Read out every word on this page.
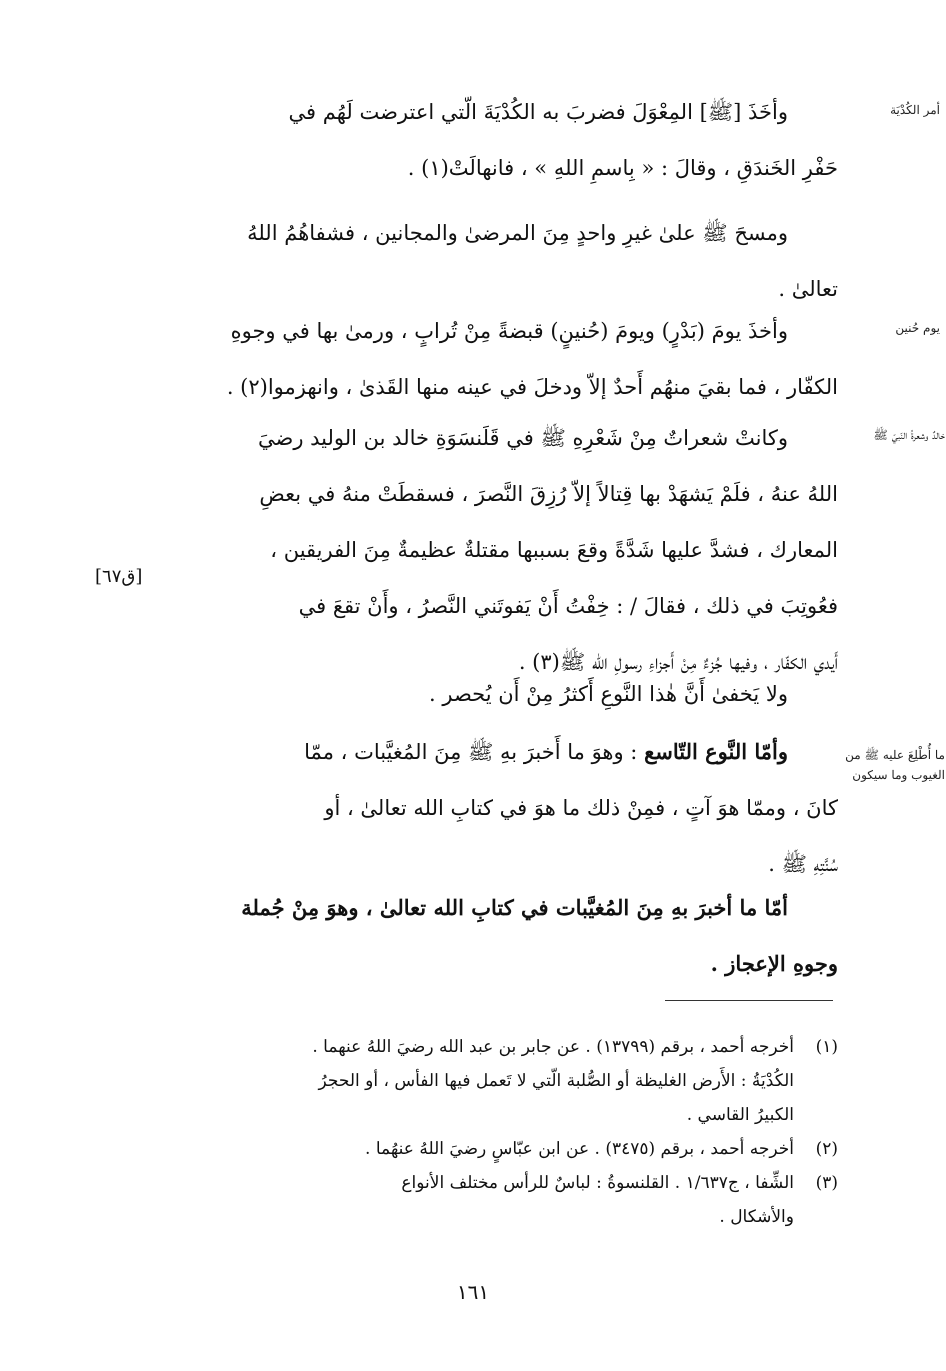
أمر الكُدْيَة
يوم حُنين
خالدٌ وشعرةُ النّبيّ ﷺ
ما أُطْلِعَ عليه ﷺ من الغيوب وما سيكون
[ق٦٧]
وأخَذَ [ﷺ] المِعْوَلَ فضربَ به الكُدْيَةَ الّتي اعترضت لَهُم في
حَفْرِ الخَندَقِ ، وقالَ : « بِاسمِ اللهِ » ، فانهالَتْ(١) .
ومسحَ ﷺ علىٰ غيرِ واحدٍ مِنَ المرضىٰ والمجانين ، فشفاهُمُ اللهُ
تعالىٰ .
وأخذَ يومَ (بَدْرٍ) ويومَ (حُنينٍ) قبضةً مِنْ تُرابٍ ، ورمىٰ بها في وجوهِ
الكفّار ، فما بقيَ منهُم أَحدٌ إلاّ ودخلَ في عينه منها القَذىٰ ، وانهزموا(٢) .
وكانتْ شعراتٌ مِنْ شَعْرِهِ ﷺ في قَلَنسَوَةِ خالد بن الوليد رضيَ
اللهُ عنهُ ، فلَمْ يَشهَدْ بها قِتالاً إلاّ رُزِقَ النَّصرَ ، فسقطَتْ منهُ في بعضِ
المعارك ، فشدَّ عليها شَدَّةً وقعَ بسببها مقتلةٌ عظيمةٌ مِنَ الفريقين ،
فعُوتِبَ في ذلك ، فقالَ / : خِفْتُ أَنْ يَفوتَني النَّصرُ ، وأَنْ تقعَ في
أَيدي الكفّار ، وفيها جُزءٌ مِنْ أَجزاءِ رسولِ الله ﷺ(٣) .
ولا يَخفىٰ أَنَّ هٰذا النَّوعِ أَكثرُ مِنْ أَن يُحصر .
وأمّا النَّوع التّاسع : وهوَ ما أَخبرَ بهِ ﷺ مِنَ المُغيَّبات ، ممّا
كانَ ، وممّا هوَ آتٍ ، فمِنْ ذلك ما هوَ في كتابِ الله تعالىٰ ، أو
سُنَّتِهِ ﷺ .
أمّا ما أخبرَ بهِ مِنَ المُغيَّبات في كتابِ الله تعالىٰ ، وهوَ مِنْ جُملة
وجوهِ الإعجاز .
(١)أخرجه أحمد ، برقم (١٣٧٩٩) . عن جابر بن عبد الله رضيَ اللهُ عنهما .
الكُدْيَةُ : الأَرض الغليظة أو الصُّلبة الّتي لا تَعمل فيها الفأس ، أو الحجرُ
الكبيرُ القاسي .
(٢)أخرجه أحمد ، برقم (٣٤٧٥) . عن ابن عبّاسٍ رضيَ اللهُ عنهُما .
(٣)الشِّفا ، ج١/٦٣٧ . القلنسوةُ : لباسٌ للرأس مختلف الأنواع
والأشكال .
١٦١
